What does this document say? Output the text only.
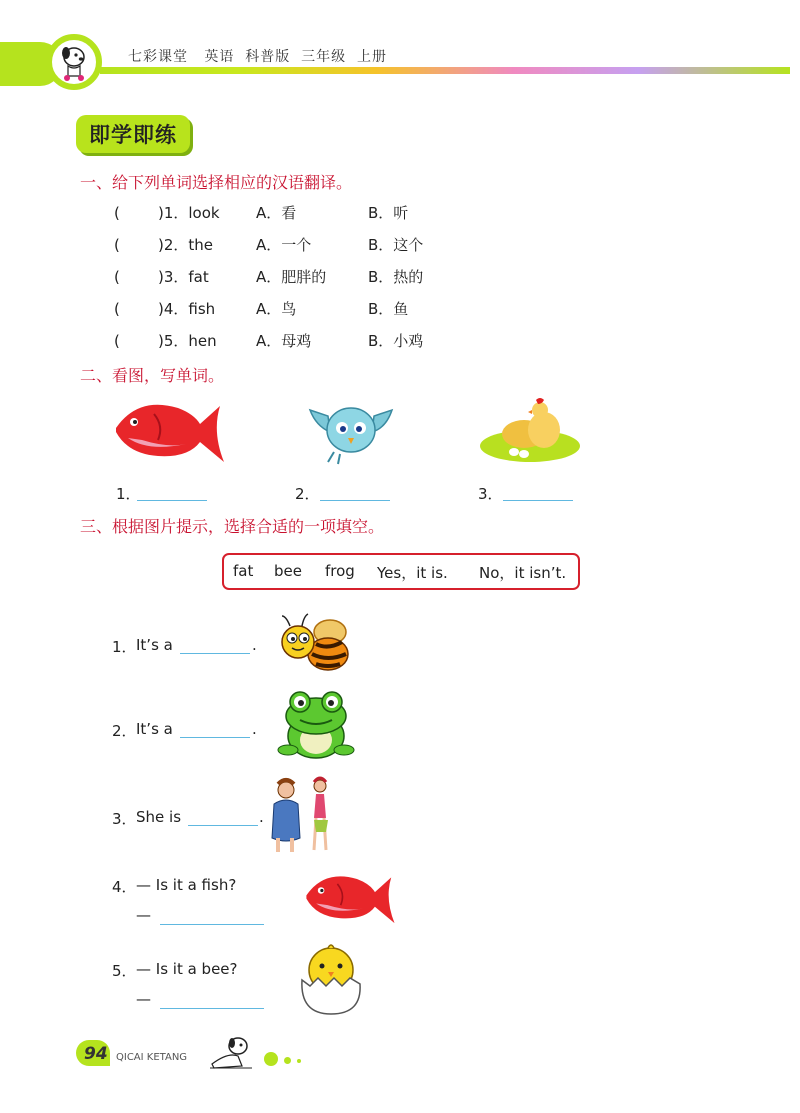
七彩课堂   英语  科普版  三年级  上册
即学即练
一、给下列单词选择相应的汉语翻译。
(        )1．look A．看	B．听
(        )2．the	A．一个	B．这个
(        )3．fat	A．肥胖的	B．热的
(        )4．fish	A．鸟	B．鱼
(        )5．hen	A．母鸡	B．小鸡
二、看图，写单词。
1．	2．	3．
三、根据图片提示，选择合适的一项填空。
fat bee frog Yes，it is. No，it isn’t.
1． It’s a	.
2． It’s a	.
3． She is	.
4． — Is it a fish?
—
5． — Is it a bee?
—
94 QICAI KETANG
